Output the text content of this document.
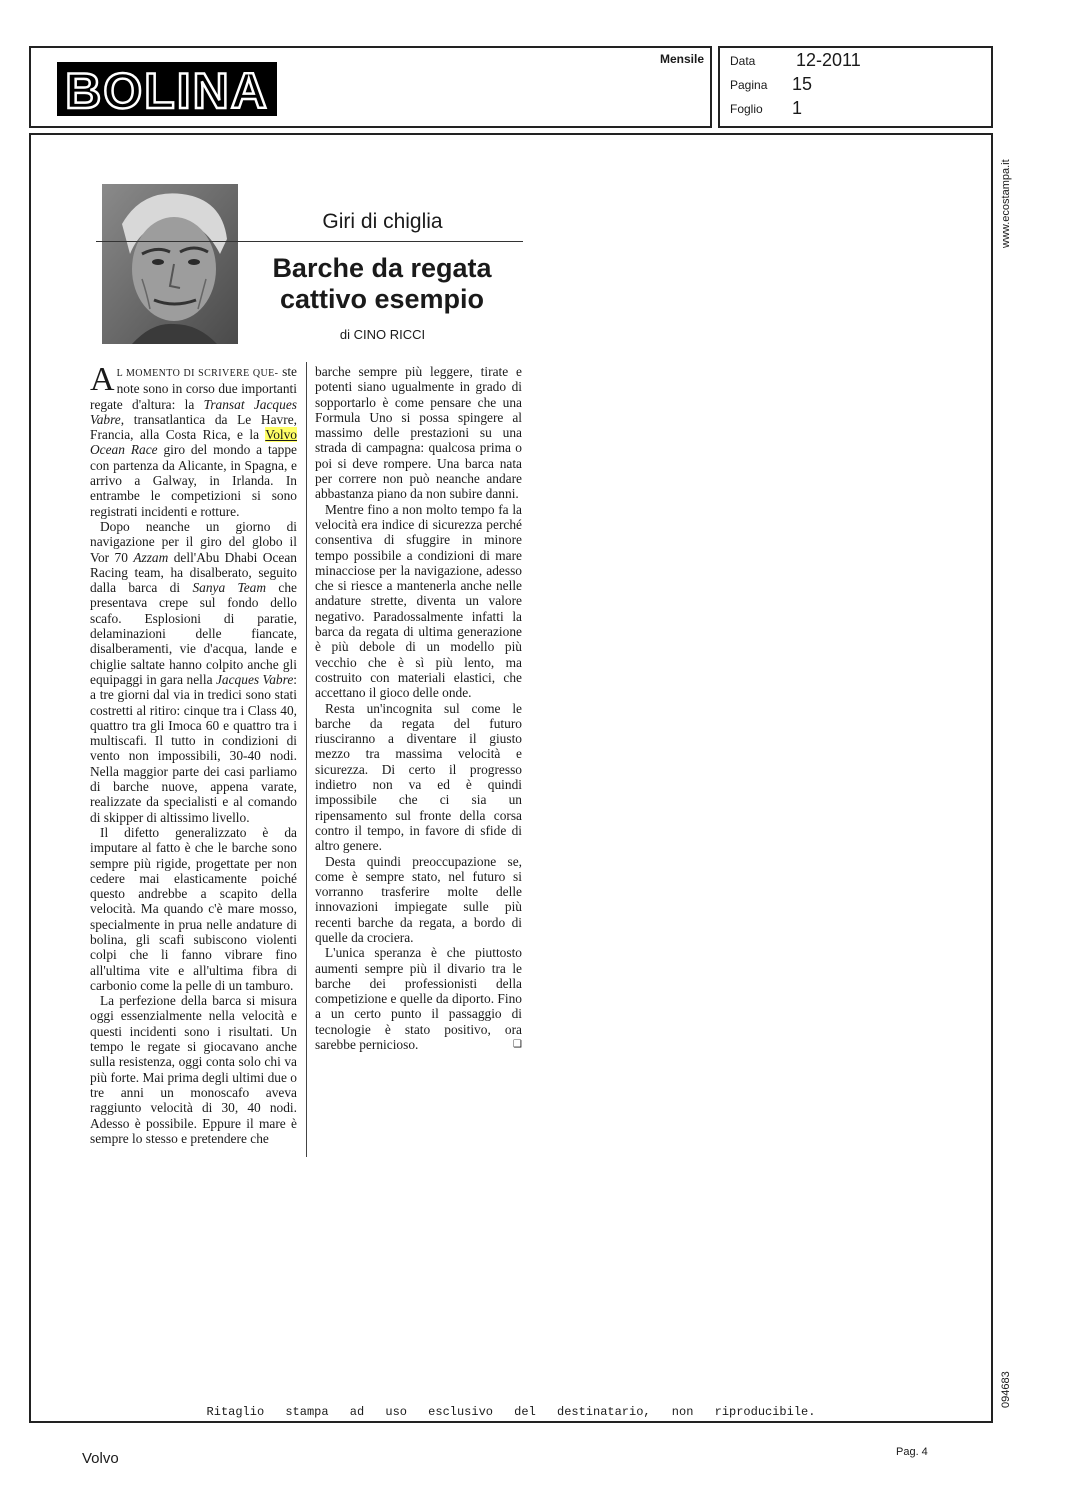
BOLINA
Mensile Data 12-2011
Pagina 15
Foglio 1
www.ecostampa.it
094683
Giri di chiglia
Barche da regata
cattivo esempio
di CINO RICCI

A L MOMENTO DI SCRIVERE QUE- ste note sono in corso due importanti regate d'altura: la Transat Jacques Vabre, transatlantica da Le Havre, Francia, alla Costa Rica, e la Volvo Ocean Race giro del mondo a tappe con partenza da Alicante, in Spagna, e arrivo a Galway, in Irlanda. In entrambe le competizioni si sono registrati incidenti e rotture.

Dopo neanche un giorno di navigazione per il giro del globo il Vor 70 Azzam dell'Abu Dhabi Ocean Racing team, ha disalberato, seguito dalla barca di Sanya Team che presentava crepe sul fondo dello scafo. Esplosioni di paratie, delaminazioni delle fiancate, disalberamenti, vie d'acqua, lande e chiglie saltate hanno colpito anche gli equipaggi in gara nella Jacques Vabre: a tre giorni dal via in tredici sono stati costretti al ritiro: cinque tra i Class 40, quattro tra gli Imoca 60 e quattro tra i multiscafi. Il tutto in condizioni di vento non impossibili, 30-40 nodi. Nella maggior parte dei casi parliamo di barche nuove, appena varate, realizzate da specialisti e al comando di skipper di altissimo livello.

Il difetto generalizzato è da imputare al fatto è che le barche sono sempre più rigide, progettate per non cedere mai elasticamente poiché questo andrebbe a scapito della velocità. Ma quando c'è mare mosso, specialmente in prua nelle andature di bolina, gli scafi subiscono violenti colpi che li fanno vibrare fino all'ultima vite e all'ultima fibra di carbonio come la pelle di un tamburo.

La perfezione della barca si misura oggi essenzialmente nella velocità e questi incidenti sono i risultati. Un tempo le regate si giocavano anche sulla resistenza, oggi conta solo chi va più forte. Mai prima degli ultimi due o tre anni un monoscafo aveva raggiunto velocità di 30, 40 nodi. Adesso è possibile. Eppure il mare è sempre lo stesso e pretendere che

barche sempre più leggere, tirate e potenti siano ugualmente in grado di sopportarlo è come pensare che una Formula Uno si possa spingere al massimo delle prestazioni su una strada di campagna: qualcosa prima o poi si deve rompere. Una barca nata per correre non può neanche andare abbastanza piano da non subire danni.

Mentre fino a non molto tempo fa la velocità era indice di sicurezza perché consentiva di sfuggire in minore tempo possibile a condizioni di mare minacciose per la navigazione, adesso che si riesce a mantenerla anche nelle andature strette, diventa un valore negativo. Paradossalmente infatti la barca da regata di ultima generazione è più debole di un modello più vecchio che è sì più lento, ma costruito con materiali elastici, che accettano il gioco delle onde.

Resta un'incognita sul come le barche da regata del futuro riusciranno a diventare il giusto mezzo tra massima velocità e sicurezza. Di certo il progresso indietro non va ed è quindi impossibile che ci sia un ripensamento sul fronte della corsa contro il tempo, in favore di sfide di altro genere.

Desta quindi preoccupazione se, come è sempre stato, nel futuro si vorranno trasferire molte delle innovazioni impiegate sulle più recenti barche da regata, a bordo di quelle da crociera.

L'unica speranza è che piuttosto aumenti sempre più il divario tra le barche dei professionisti della competizione e quelle da diporto. Fino a un certo punto il passaggio di tecnologie è stato positivo, ora sarebbe pernicioso.	❑

Ritaglio stampa ad uso esclusivo del destinatario, non riproducibile.
Volvo	Pag. 4
